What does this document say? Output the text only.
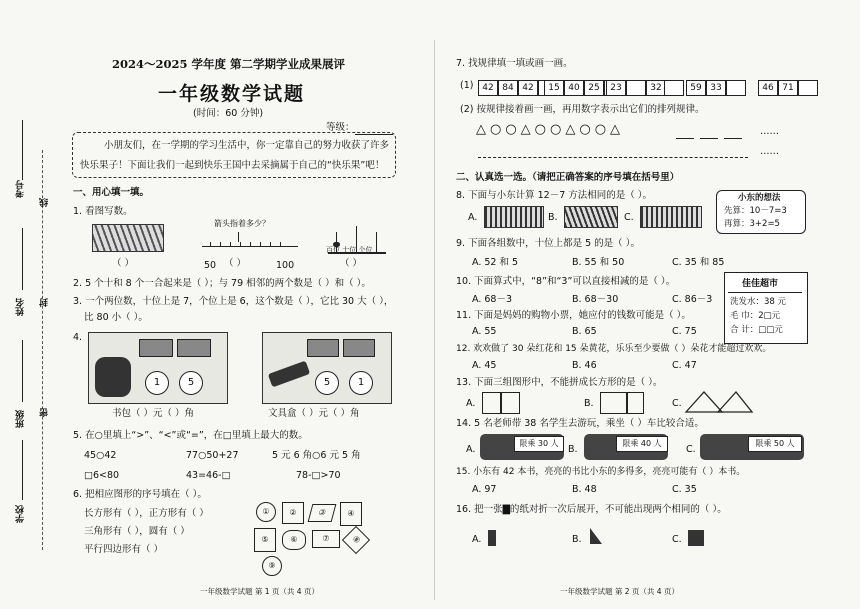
考号
姓名
班级
学校
线
封
密
2024～2025 学年度 第二学期学业成果展评
一年级数学试题
(时间：60 分钟)
等级：
小朋友们，在一学期的学习生活中，你一定靠自己的努力收获了许多
快乐果子！下面让我们一起到快乐王国中去采摘属于自己的“快乐果”吧！
一、用心填一填。
1. 看图写数。
（ ）
箭头指着多少？
50 （ ）	100
百位 十位 个位
（ ）
2. 5 个十和 8 个一合起来是（ ）；与 79 相邻的两个数是（ ）和（ ）。
3. 一个两位数，十位上是 7，个位上是 6，这个数是（ ），它比 30 大（ ），
比 80 小（ ）。
4.
1	5	5	1
书包（ ）元（ ）角	文具盒（ ）元（ ）角
5. 在○里填上“>”、“<”或“=”，在□里填上最大的数。
45○42	77○50+27	5 元 6 角○6 元 5 角
□6<80	43=46-□	78-□>70
6. 把相应图形的序号填在（ ）。
长方形有（ ），正方形有（ ）
三角形有（ ），圆有（ ）
平行四边形有（ ）
①	②	③	④
⑤	⑥	⑦	⑧
⑨
一年级数学试题 第 1 页（共 4 页）
7. 找规律填一填或画一画。
(1) 42 84 42	15 40 25	23	32	59 33	46 71
(2) 按规律接着画一画，再用数字表示出它们的排列规律。
△○○△○○△○○△	……
……
二、认真选一选。（请把正确答案的序号填在括号里）
8. 下面与小东计算 12－7 方法相同的是（ ）。
A.	B.	C.
小东的想法
先算：10－7=3
再算：3+2=5
9. 下面各组数中，十位上都是 5 的是（ ）。
A. 52 和 5	B. 55 和 50	C. 35 和 85
10. 下面算式中，“8”和“3”可以直接相减的是（ ）。
A. 68－3	B. 68－30	C. 86－3
佳佳超市
洗发水：38 元
毛 巾：2□元
合 计：□□元
11. 下面是妈妈的购物小票，她应付的钱数可能是（ ）。
A. 55	B. 65	C. 75
12. 欢欢做了 30 朵红花和 15 朵黄花，乐乐至少要做（ ）朵花才能超过欢欢。
A. 45	B. 46	C. 47
13. 下面三组图形中，不能拼成长方形的是（ ）。
A.	B.	C.
14. 5 名老师带 38 名学生去游玩，乘坐（ ）车比较合适。
A.
限乘 30 人
B.
限乘 40 人
C.
限乘 50 人
15. 小东有 42 本书，亮亮的书比小东的多得多，亮亮可能有（ ）本书。
A. 97	B. 48	C. 35
16. 把一张▇的纸对折一次后展开，不可能出现两个相同的（ ）。
A.	B.	C.
一年级数学试题 第 2 页（共 4 页）
